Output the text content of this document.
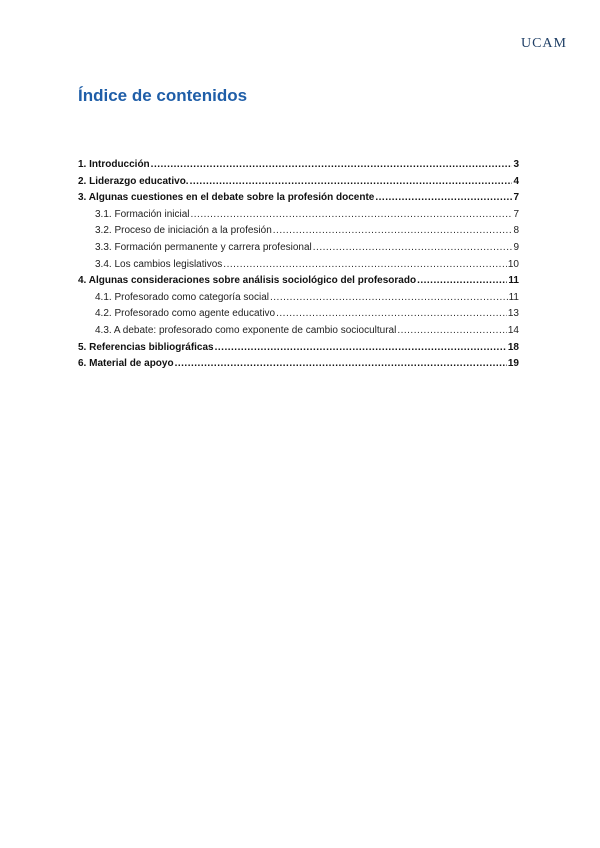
UCAM
Índice de contenidos
1. Introducción .....	3
2. Liderazgo educativo. .....	4
3. Algunas cuestiones en el debate sobre la profesión docente .....	7
3.1. Formación inicial .....	7
3.2. Proceso de iniciación a la profesión .....	8
3.3. Formación permanente y carrera profesional .....	9
3.4. Los cambios legislativos .....	10
4. Algunas consideraciones sobre análisis sociológico del profesorado .....	11
4.1. Profesorado como categoría social .....	11
4.2. Profesorado como agente educativo .....	13
4.3. A debate: profesorado como exponente de cambio sociocultural .....	14
5. Referencias bibliográficas .....	18
6. Material de apoyo .....	19
